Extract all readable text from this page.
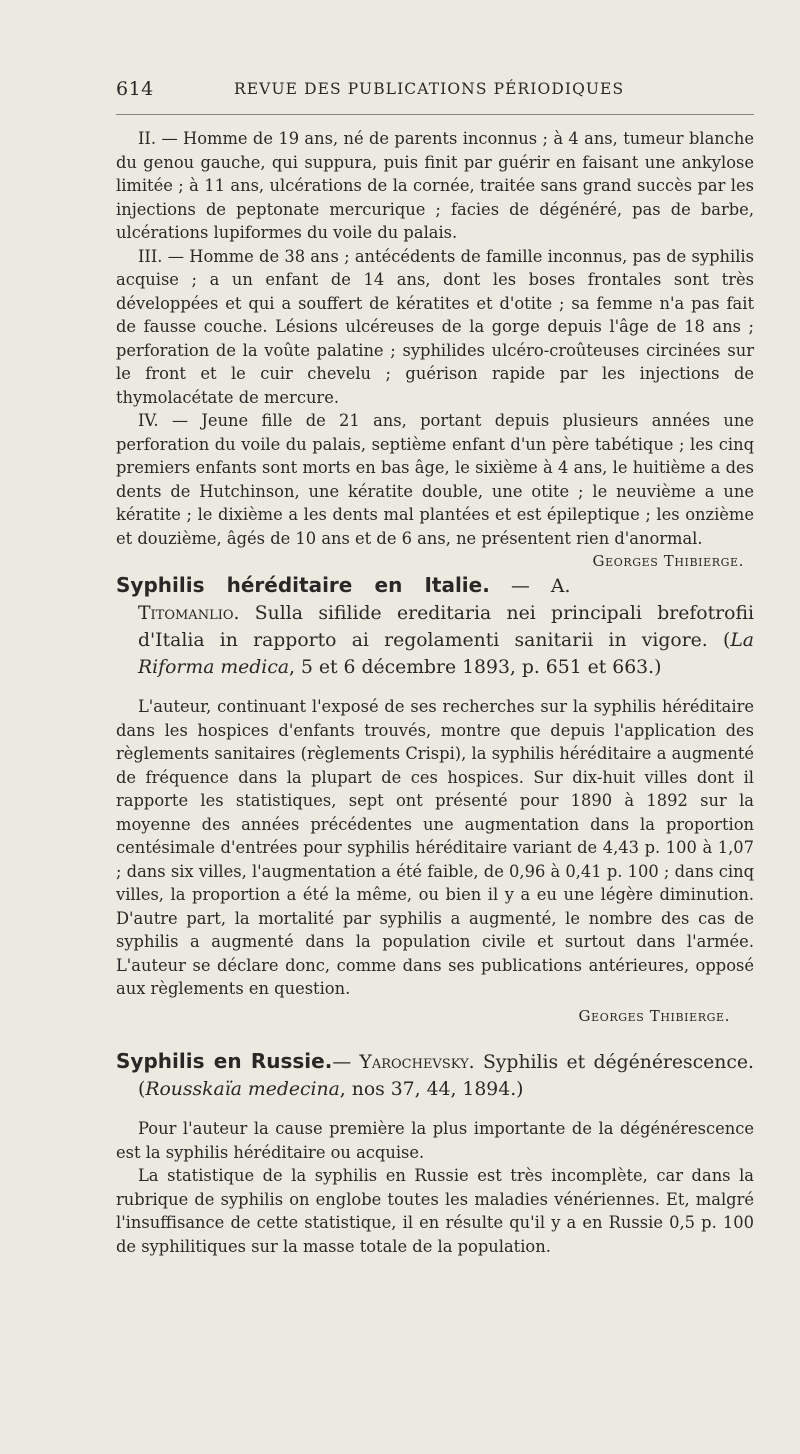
614	REVUE DES PUBLICATIONS PÉRIODIQUES

II. — Homme de 19 ans, né de parents inconnus ; à 4 ans, tumeur blanche du genou gauche, qui suppura, puis finit par guérir en faisant une ankylose limitée ; à 11 ans, ulcérations de la cornée, traitée sans grand succès par les injections de peptonate mercurique ; facies de dégénéré, pas de barbe, ulcérations lupiformes du voile du palais.

III. — Homme de 38 ans ; antécédents de famille inconnus, pas de syphilis acquise ; a un enfant de 14 ans, dont les boses frontales sont très développées et qui a souffert de kératites et d'otite ; sa femme n'a pas fait de fausse couche. Lésions ulcéreuses de la gorge depuis l'âge de 18 ans ; perforation de la voûte palatine ; syphilides ulcéro-croûteuses circinées sur le front et le cuir chevelu ; guérison rapide par les injections de thymolacétate de mercure.

IV. — Jeune fille de 21 ans, portant depuis plusieurs années une perforation du voile du palais, septième enfant d'un père tabétique ; les cinq premiers enfants sont morts en bas âge, le sixième à 4 ans, le huitième a des dents de Hutchinson, une kératite double, une otite ; le neuvième a une kératite ; le dixième a les dents mal plantées et est épileptique ; les onzième et douzième, âgés de 10 ans et de 6 ans, ne présentent rien d'anormal.
Georges Thibierge.

Syphilis héréditaire en Italie. — A. Titomanlio. Sulla sifilide ereditaria nei principali brefotrofii d'Italia in rapporto ai regolamenti sanitarii in vigore. (La Riforma medica, 5 et 6 décembre 1893, p. 651 et 663.)

L'auteur, continuant l'exposé de ses recherches sur la syphilis héréditaire dans les hospices d'enfants trouvés, montre que depuis l'application des règlements sanitaires (règlements Crispi), la syphilis héréditaire a augmenté de fréquence dans la plupart de ces hospices. Sur dix-huit villes dont il rapporte les statistiques, sept ont présenté pour 1890 à 1892 sur la moyenne des années précédentes une augmentation dans la proportion centésimale d'entrées pour syphilis héréditaire variant de 4,43 p. 100 à 1,07 ; dans six villes, l'augmentation a été faible, de 0,96 à 0,41 p. 100 ; dans cinq villes, la proportion a été la même, ou bien il y a eu une légère diminution. D'autre part, la mortalité par syphilis a augmenté, le nombre des cas de syphilis a augmenté dans la population civile et surtout dans l'armée. L'auteur se déclare donc, comme dans ses publications antérieures, opposé aux règlements en question.

Georges Thibierge.
Syphilis en Russie.— Yarochevsky. Syphilis et dégénérescence. (Rousskaïa medecina, nos 37, 44, 1894.)

Pour l'auteur la cause première la plus importante de la dégénérescence est la syphilis héréditaire ou acquise.

La statistique de la syphilis en Russie est très incomplète, car dans la rubrique de syphilis on englobe toutes les maladies vénériennes. Et, malgré l'insuffisance de cette statistique, il en résulte qu'il y a en Russie 0,5 p. 100 de syphilitiques sur la masse totale de la population.
